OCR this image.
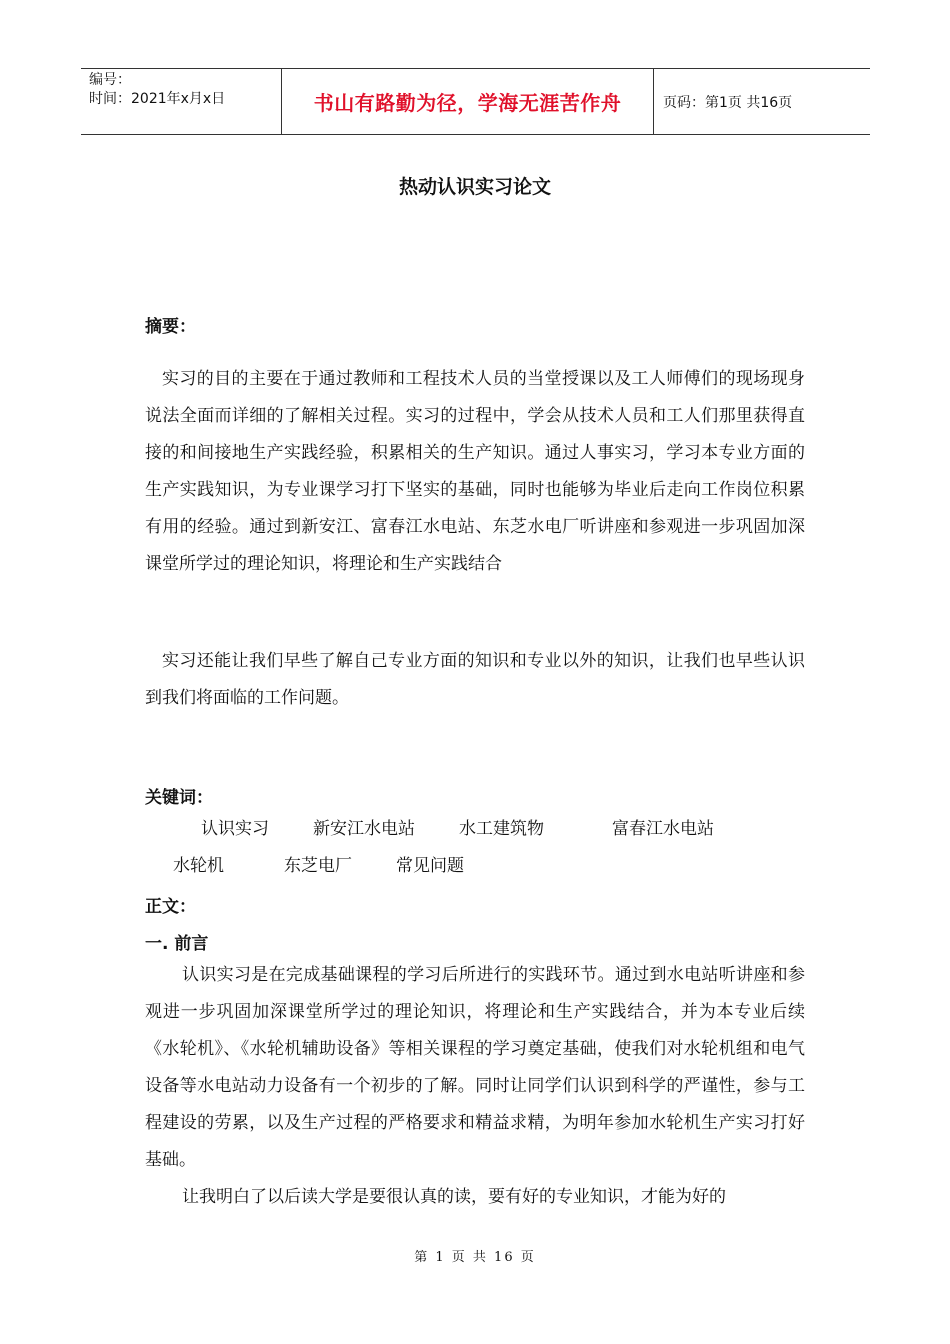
编号：
时间：2021年x月x日	书山有路勤为径，学海无涯苦作舟	页码：第1页 共16页
热动认识实习论文
摘要：

实习的目的主要在于通过教师和工程技术人员的当堂授课以及工人师傅们的现场现身说法全面而详细的了解相关过程。实习的过程中，学会从技术人员和工人们那里获得直接的和间接地生产实践经验，积累相关的生产知识。通过人事实习，学习本专业方面的生产实践知识，为专业课学习打下坚实的基础，同时也能够为毕业后走向工作岗位积累有用的经验。通过到新安江、富春江水电站、东芝水电厂听讲座和参观进一步巩固加深课堂所学过的理论知识，将理论和生产实践结合

实习还能让我们早些了解自己专业方面的知识和专业以外的知识，让我们也早些认识到我们将面临的工作问题。

关键词：
认识实习	新安江水电站	水工建筑物	富春江水电站水轮机	东芝电厂	常见问题
正文：
一. 前言

认识实习是在完成基础课程的学习后所进行的实践环节。通过到水电站听讲座和参观进一步巩固加深课堂所学过的理论知识，将理论和生产实践结合，并为本专业后续 《水轮机》、《水轮机辅助设备》等相关课程的学习奠定基础，使我们对水轮机组和电气设备等水电站动力设备有一个初步的了解。同时让同学们认识到科学的严谨性，参与工程建设的劳累，以及生产过程的严格要求和精益求精，为明年参加水轮机生产实习打好基础。

让我明白了以后读大学是要很认真的读，要有好的专业知识，才能为好的

第 1 页 共 16 页
